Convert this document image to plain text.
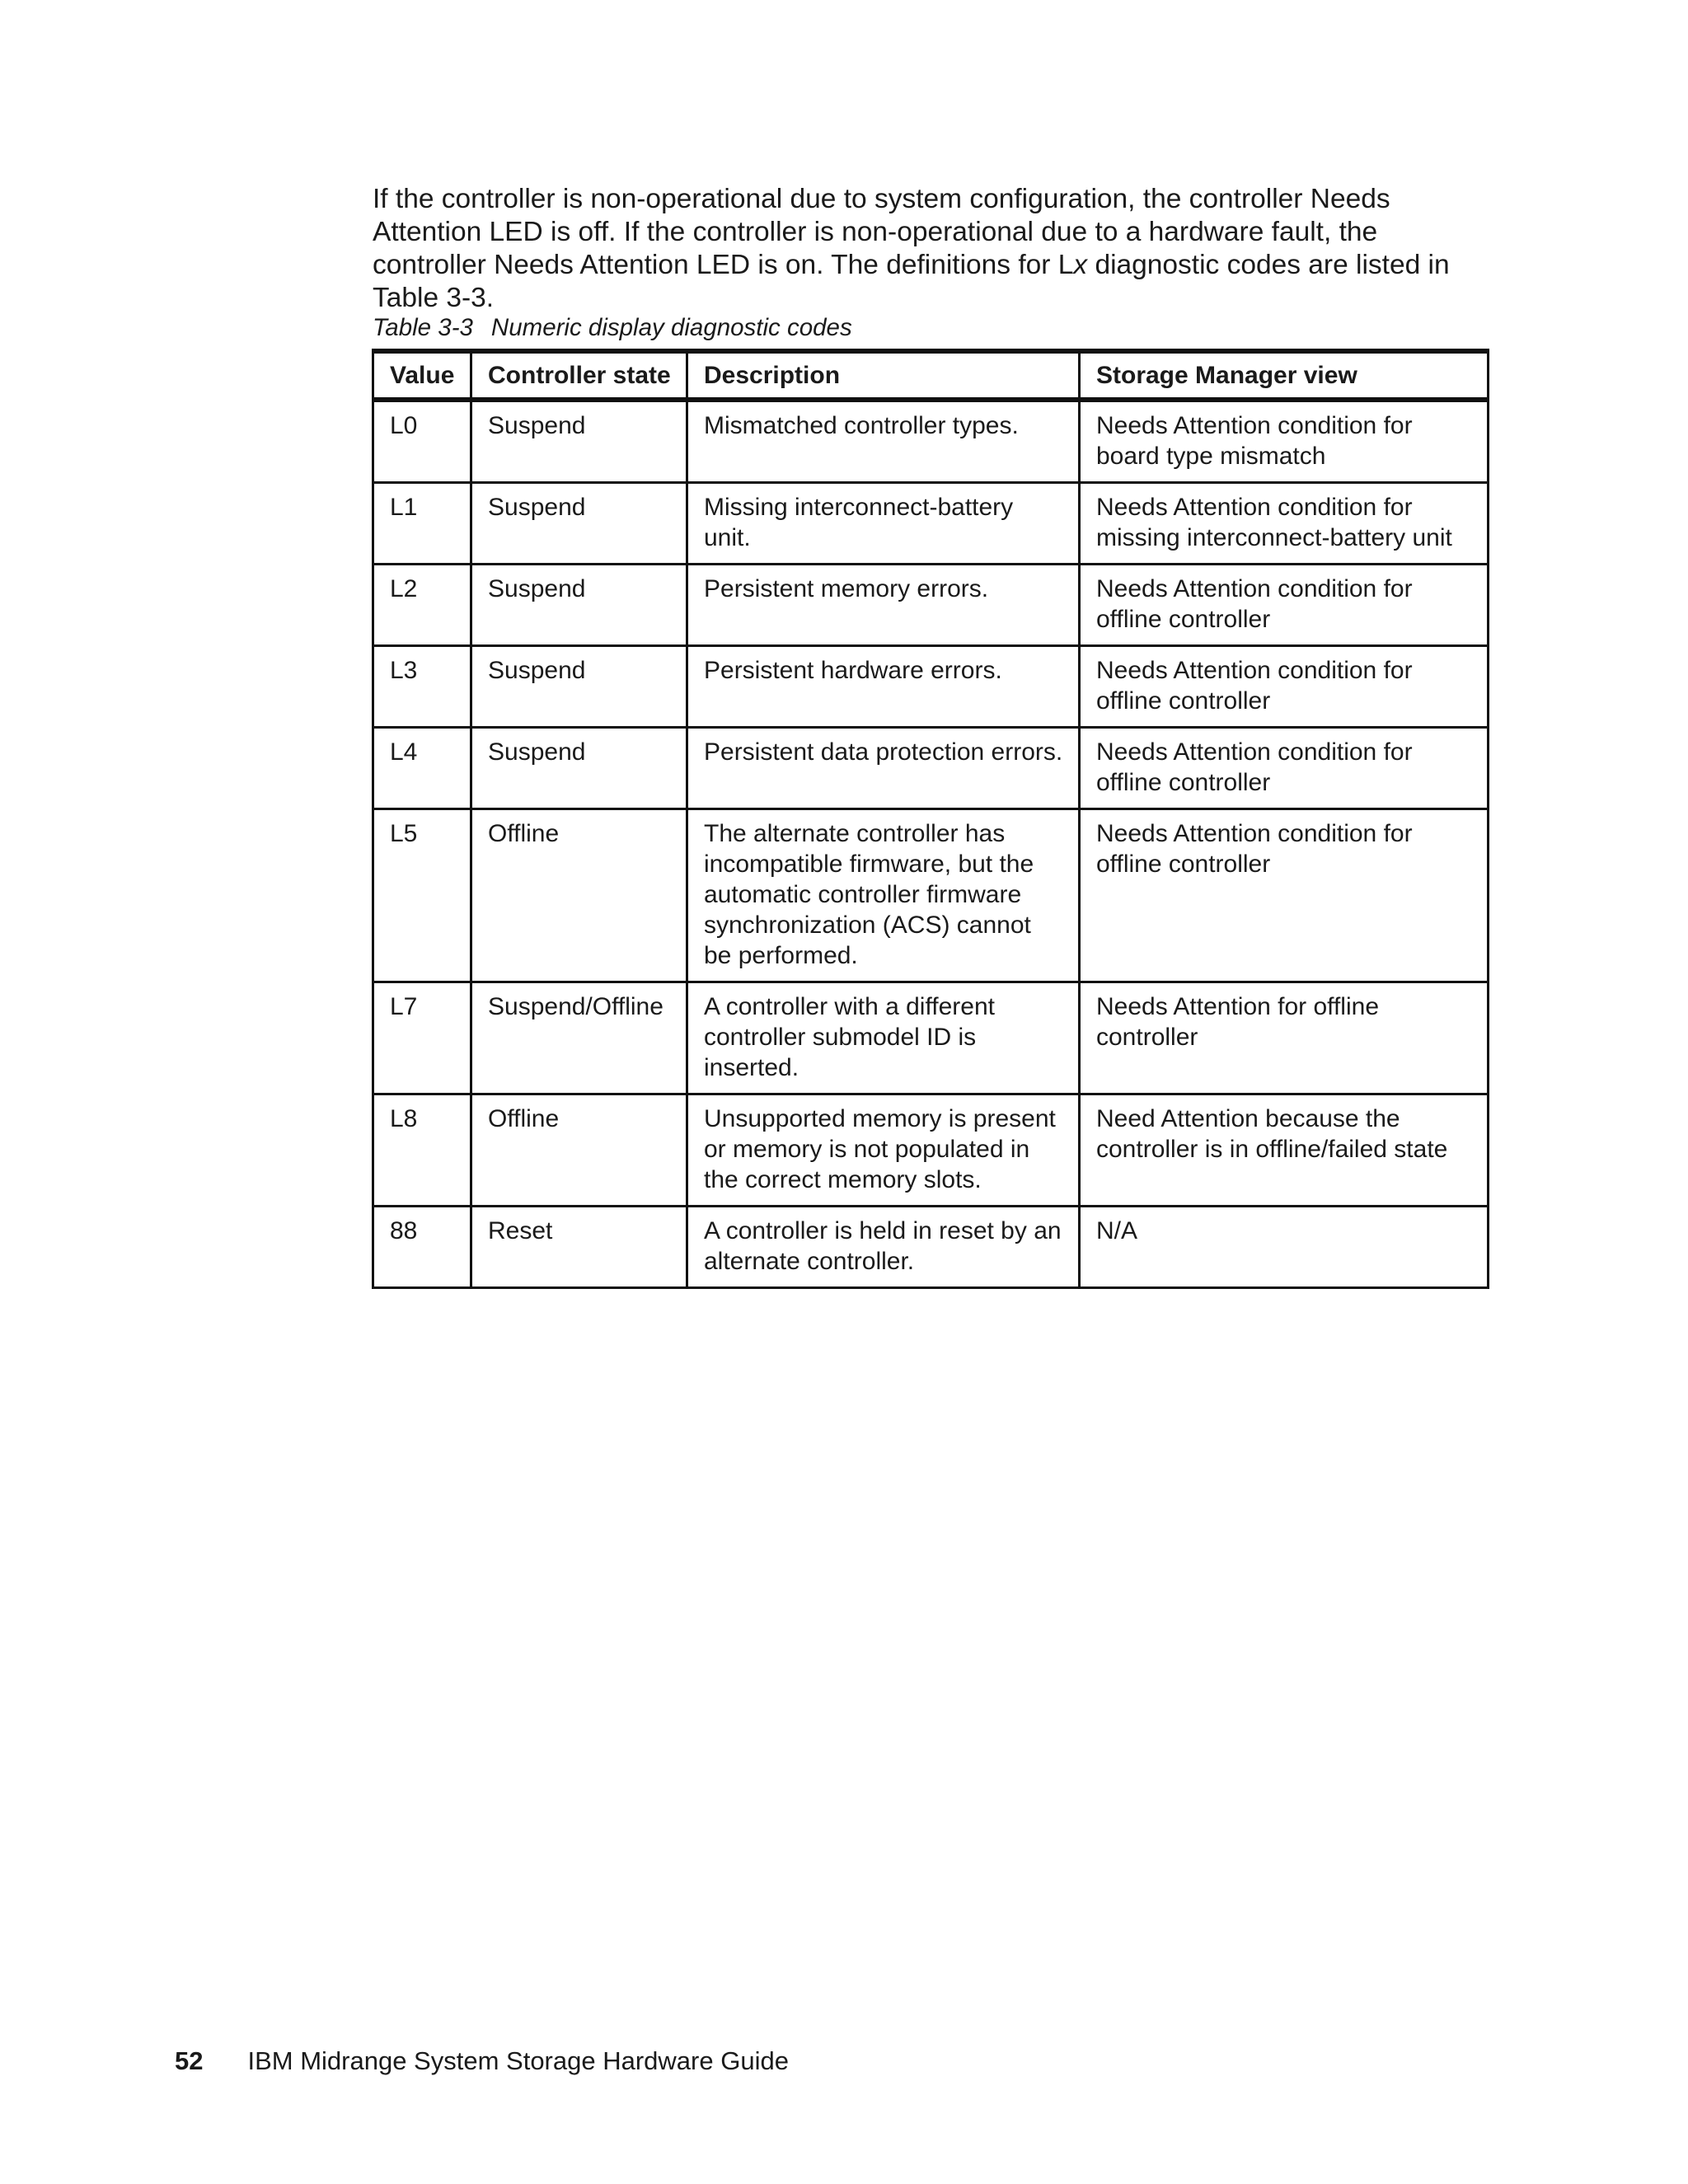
If the controller is non-operational due to system configuration, the controller Needs Attention LED is off. If the controller is non-operational due to a hardware fault, the controller Needs Attention LED is on. The definitions for Lx diagnostic codes are listed in Table 3-3.

Table 3-3 Numeric display diagnostic codes

Value	Controller state	Description	Storage Manager view
L0	Suspend	Mismatched controller types.	Needs Attention condition for board type mismatch
L1	Suspend	Missing interconnect-battery unit.	Needs Attention condition for missing interconnect-battery unit
L2	Suspend	Persistent memory errors.	Needs Attention condition for offline controller
L3	Suspend	Persistent hardware errors.	Needs Attention condition for offline controller
L4	Suspend	Persistent data protection errors.	Needs Attention condition for offline controller
L5	Offline	The alternate controller has incompatible firmware, but the automatic controller firmware synchronization (ACS) cannot be performed.	Needs Attention condition for offline controller
L7	Suspend/Offline	A controller with a different controller submodel ID is inserted.	Needs Attention for offline controller
L8	Offline	Unsupported memory is present or memory is not populated in the correct memory slots.	Need Attention because the controller is in offline/failed state
88	Reset	A controller is held in reset by an alternate controller.	N/A

52 IBM Midrange System Storage Hardware Guide
